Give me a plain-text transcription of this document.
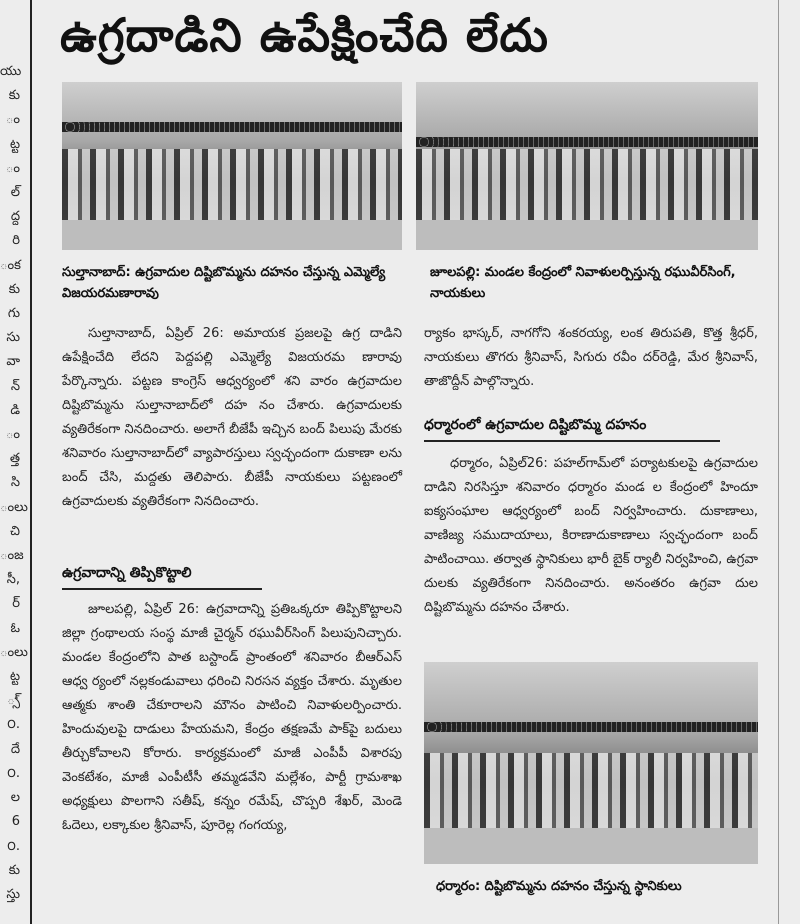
యు
కు
ం
ట్ట
ం
ల్
ద్ద
రి
ంక
కు
గు
సు
వా
న్
డి
ం
త్త
సి
ంలు
చి
ంజ
సీ,
ర్
ఓ
ంలు
ట్ట
్స్
౦.
దే
౦.
ల
6
౦.
కు
స్తు
ఉగ్రదాడిని ఉపేక్షించేది లేదు
సుల్తానాబాద్: ఉగ్రవాదుల దిష్టిబొమ్మను దహనం చేస్తున్న ఎమ్మెల్యే విజయరమణారావు
జూలపల్లి: మండల కేంద్రంలో నివాళులర్పిస్తున్న రఘువీర్‌సింగ్, నాయకులు
సుల్తానాబాద్, ఏప్రిల్ 26: అమాయక ప్రజలపై ఉగ్ర దాడిని ఉపేక్షించేది లేదని పెద్దపల్లి ఎమ్మెల్యే విజయరమ ణారావు పేర్కొన్నారు. పట్టణ కాంగ్రెస్ ఆధ్వర్యంలో శని వారం ఉగ్రవాదుల దిష్టిబొమ్మను సుల్తానాబాద్‌లో దహ నం చేశారు. ఉగ్రవాదులకు వ్యతిరేకంగా నినదించారు. అలాగే బీజేపీ ఇచ్చిన బంద్ పిలుపు మేరకు శనివారం సుల్తానాబాద్‌లో వ్యాపారస్తులు స్వచ్ఛందంగా దుకాణా లను బంద్ చేసి, మద్దతు తెలిపారు. బీజేపీ నాయకులు పట్టణంలో ఉగ్రవాదులకు వ్యతిరేకంగా నినదించారు.
ఉగ్రవాదాన్ని తిప్పికొట్టాలి
జూలపల్లి, ఏప్రిల్ 26: ఉగ్రవాదాన్ని ప్రతిఒక్కరూ తిప్పికొట్టాలని జిల్లా గ్రంథాలయ సంస్థ మాజీ చైర్మన్ రఘువీర్‌సింగ్ పిలుపునిచ్చారు. మండల కేంద్రంలోని పాత బస్టాండ్ ప్రాంతంలో శనివారం బీఆర్‌ఎస్ ఆధ్వ ర్యంలో నల్లకండువాలు ధరించి నిరసన వ్యక్తం చేశారు. మృతుల ఆత్మకు శాంతి చేకూరాలని మౌనం పాటించి నివాళులర్పించారు. హిందువులపై దాడులు హేయమని, కేంద్రం తక్షణమే పాక్‌పై బదులు తీర్చుకోవాలని కోరారు. కార్యక్రమంలో మాజీ ఎంపీపీ విశారపు వెంకటేశం, మాజీ ఎంపీటీసీ తమ్మడవేని మల్లేశం, పార్టీ గ్రామశాఖ అధ్యక్షులు పొలగాని సతీష్, కన్నం రమేష్, చొప్పరి శేఖర్, మెండె ఓదెలు, లక్కాకుల శ్రీనివాస్, పూరెల్ల గంగయ్య,
ర్యాకం భాస్కర్, నాగగోని శంకరయ్య, లంక తిరుపతి, కొత్త శ్రీధర్, నాయకులు తొగరు శ్రీనివాస్, సిగురు రవీం దర్‌రెడ్డి, మేర శ్రీనివాస్, తాజొద్దీన్ పాల్గొన్నారు.
ధర్మారంలో ఉగ్రవాదుల దిష్టిబొమ్మ దహనం
ధర్మారం, ఏప్రిల్26: పహల్‌గామ్‌లో పర్యాటకులపై ఉగ్రవాదుల దాడిని నిరసిస్తూ శనివారం ధర్మారం మండ ల కేంద్రంలో హిందూ ఐక్యసంఘాల ఆధ్వర్యంలో బంద్ నిర్వహించారు. దుకాణాలు, వాణిజ్య సముదాయాలు, కిరాణాదుకాణాలు స్వచ్ఛందంగా బంద్ పాటించాయి. తర్వాత స్థానికులు భారీ బైక్ ర్యాలీ నిర్వహించి, ఉగ్రవా దులకు వ్యతిరేకంగా నినదించారు. అనంతరం ఉగ్రవా దుల దిష్టిబొమ్మను దహనం చేశారు.
ధర్మారం: దిష్టిబొమ్మను దహనం చేస్తున్న స్థానికులు
